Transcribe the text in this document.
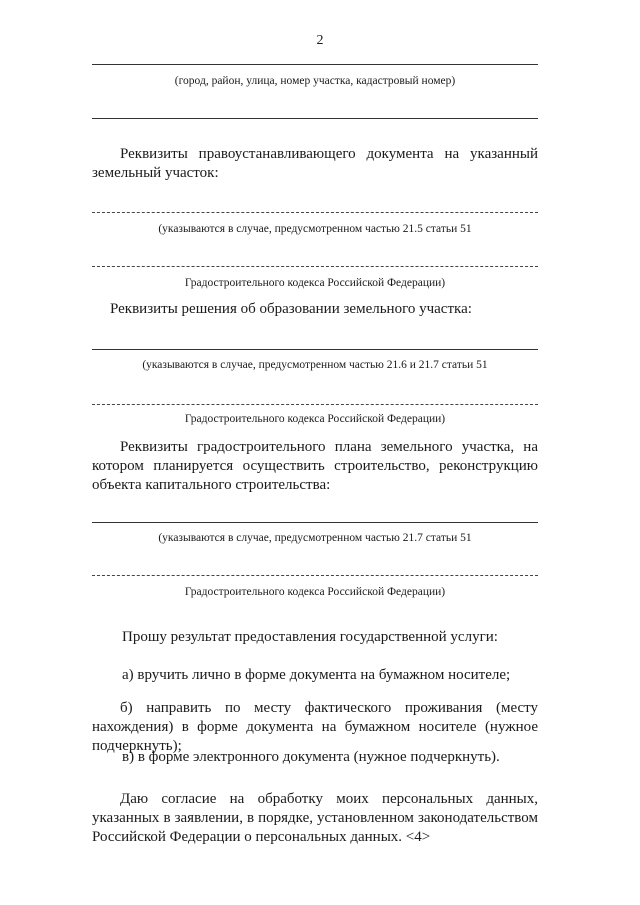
2
(город, район, улица, номер участка, кадастровый номер)
Реквизиты правоустанавливающего документа на указанный земельный участок:
(указываются в случае, предусмотренном частью 21.5 статьи 51
Градостроительного кодекса Российской Федерации)
Реквизиты решения об образовании земельного участка:
(указываются в случае, предусмотренном частью 21.6 и 21.7 статьи 51
Градостроительного кодекса Российской Федерации)
Реквизиты градостроительного плана земельного участка, на котором планируется осуществить строительство, реконструкцию объекта капитального строительства:
(указываются в случае, предусмотренном частью 21.7 статьи 51
Градостроительного кодекса Российской Федерации)
Прошу результат предоставления государственной услуги:
а) вручить лично в форме документа на бумажном носителе;
б) направить по месту фактического проживания (месту нахождения) в форме документа на бумажном носителе (нужное подчеркнуть);
в) в форме электронного документа (нужное подчеркнуть).
Даю согласие на обработку моих персональных данных, указанных в заявлении, в порядке, установленном законодательством Российской Федерации о персональных данных. <4>
